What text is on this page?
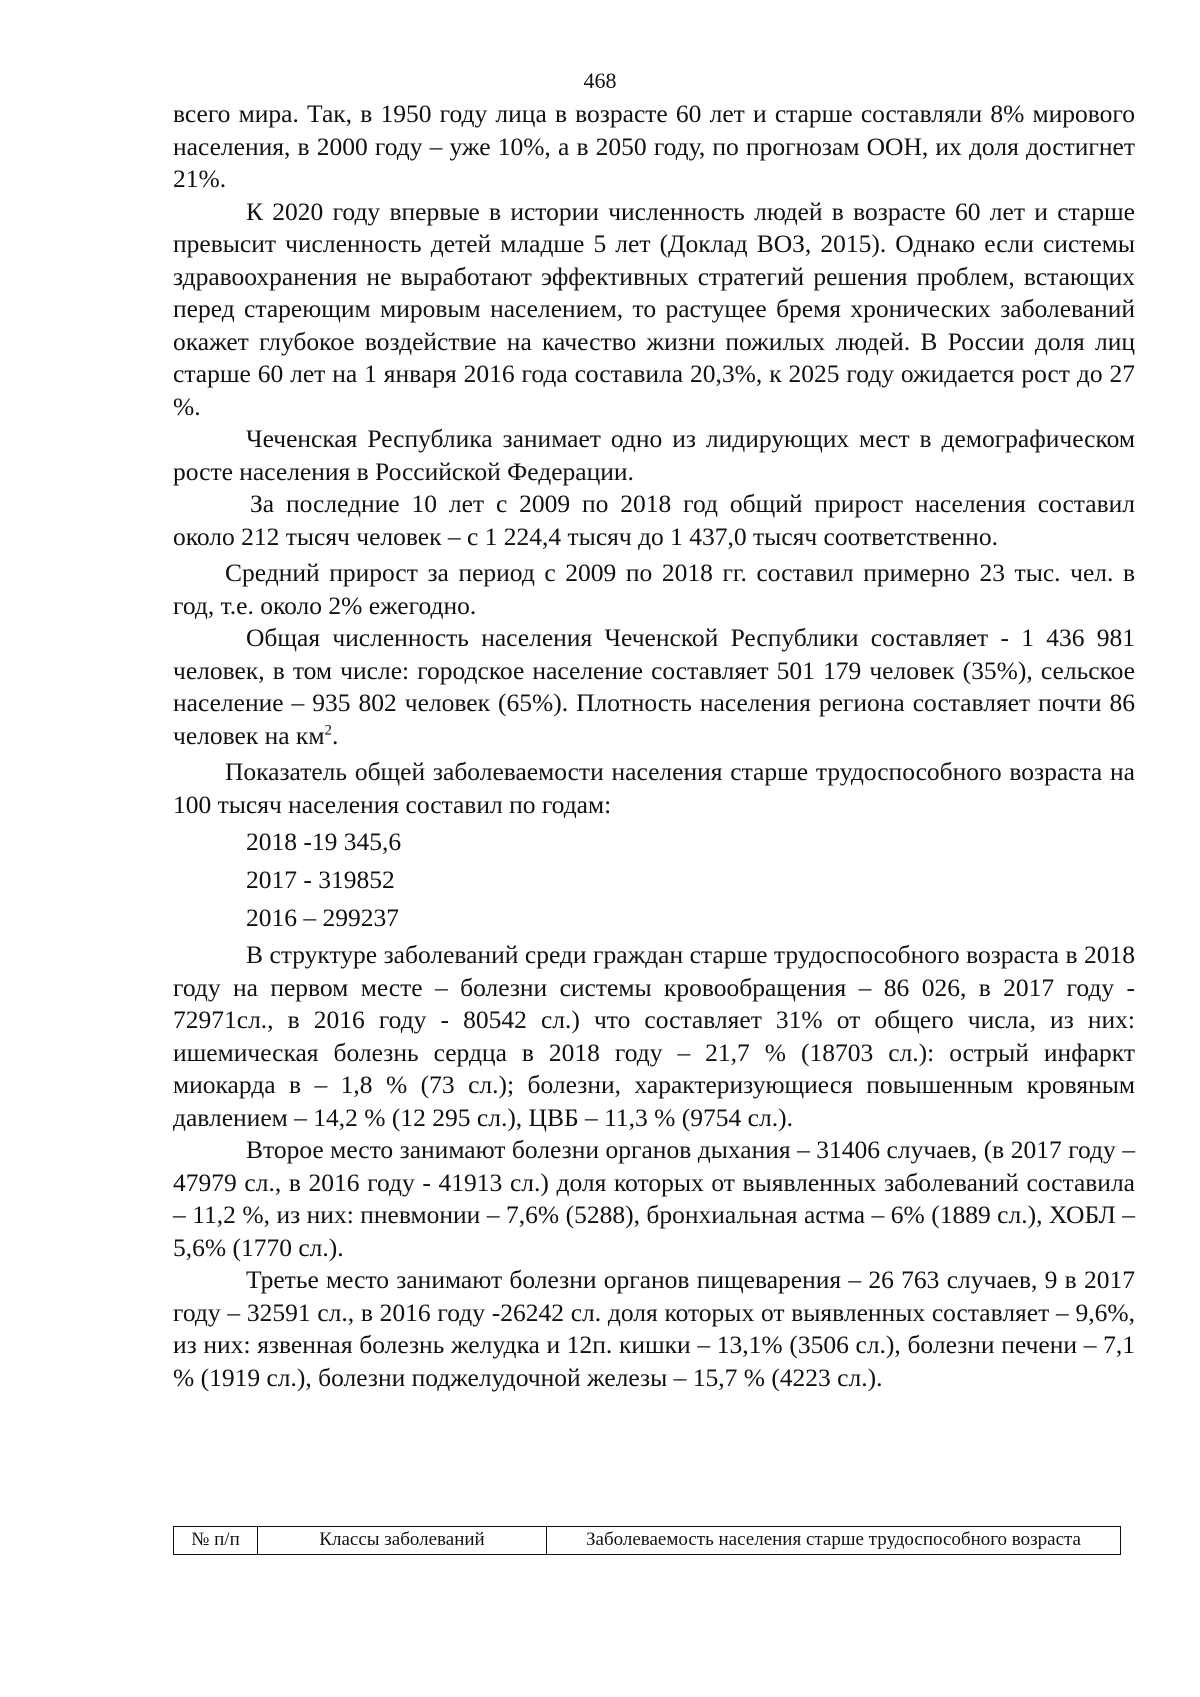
468

всего мира. Так, в 1950 году лица в возрасте 60 лет и старше составляли 8% мирового населения, в 2000 году – уже 10%, а в 2050 году, по прогнозам ООН, их доля достигнет 21%.

К 2020 году впервые в истории численность людей в возрасте 60 лет и старше превысит численность детей младше 5 лет (Доклад ВОЗ, 2015). Однако если системы здравоохранения не выработают эффективных стратегий решения проблем, встающих перед стареющим мировым населением, то растущее бремя хронических заболеваний окажет глубокое воздействие на качество жизни пожилых людей. В России доля лиц старше 60 лет на 1 января 2016 года составила 20,3%, к 2025 году ожидается рост до 27 %.

Чеченская Республика занимает одно из лидирующих мест в демографическом росте населения в Российской Федерации.

За последние 10 лет с 2009 по 2018 год общий прирост населения составил около 212 тысяч человек – с 1 224,4 тысяч до 1 437,0 тысяч соответственно.

Средний прирост за период с 2009 по 2018 гг. составил примерно 23 тыс. чел. в год, т.е. около 2% ежегодно.

Общая численность населения Чеченской Республики составляет - 1 436 981 человек, в том числе: городское население составляет 501 179 человек (35%), сельское население – 935 802 человек (65%). Плотность населения региона составляет почти 86 человек на $км^2$.

Показатель общей заболеваемости населения старше трудоспособного возраста на 100 тысяч населения составил по годам:

2018 -19 345,6

2017 - 319852

2016 – 299237

В структуре заболеваний среди граждан старше трудоспособного возраста в 2018 году на первом месте – болезни системы кровообращения – 86 026, в 2017 году - 72971сл., в 2016 году - 80542 сл.) что составляет 31% от общего числа, из них: ишемическая болезнь сердца в 2018 году – 21,7 % (18703 сл.): острый инфаркт миокарда в – 1,8 % (73 сл.); болезни, характеризующиеся повышенным кровяным давлением – 14,2 % (12 295 сл.), ЦВБ – 11,3 % (9754 сл.).

Второе место занимают болезни органов дыхания – 31406 случаев, (в 2017 году – 47979 сл., в 2016 году - 41913 сл.) доля которых от выявленных заболеваний составила – 11,2 %, из них: пневмонии – 7,6% (5288), бронхиальная астма – 6% (1889 сл.), ХОБЛ – 5,6% (1770 сл.).

Третье место занимают болезни органов пищеварения – 26 763 случаев, 9 в 2017 году – 32591 сл., в 2016 году -26242 сл. доля которых от выявленных составляет – 9,6%, из них: язвенная болезнь желудка и 12п. кишки – 13,1% (3506 сл.), болезни печени – 7,1 % (1919 сл.), болезни поджелудочной железы – 15,7 % (4223 сл.).

№ п/п	Классы заболеваний	Заболеваемость населения старше трудоспособного возраста
